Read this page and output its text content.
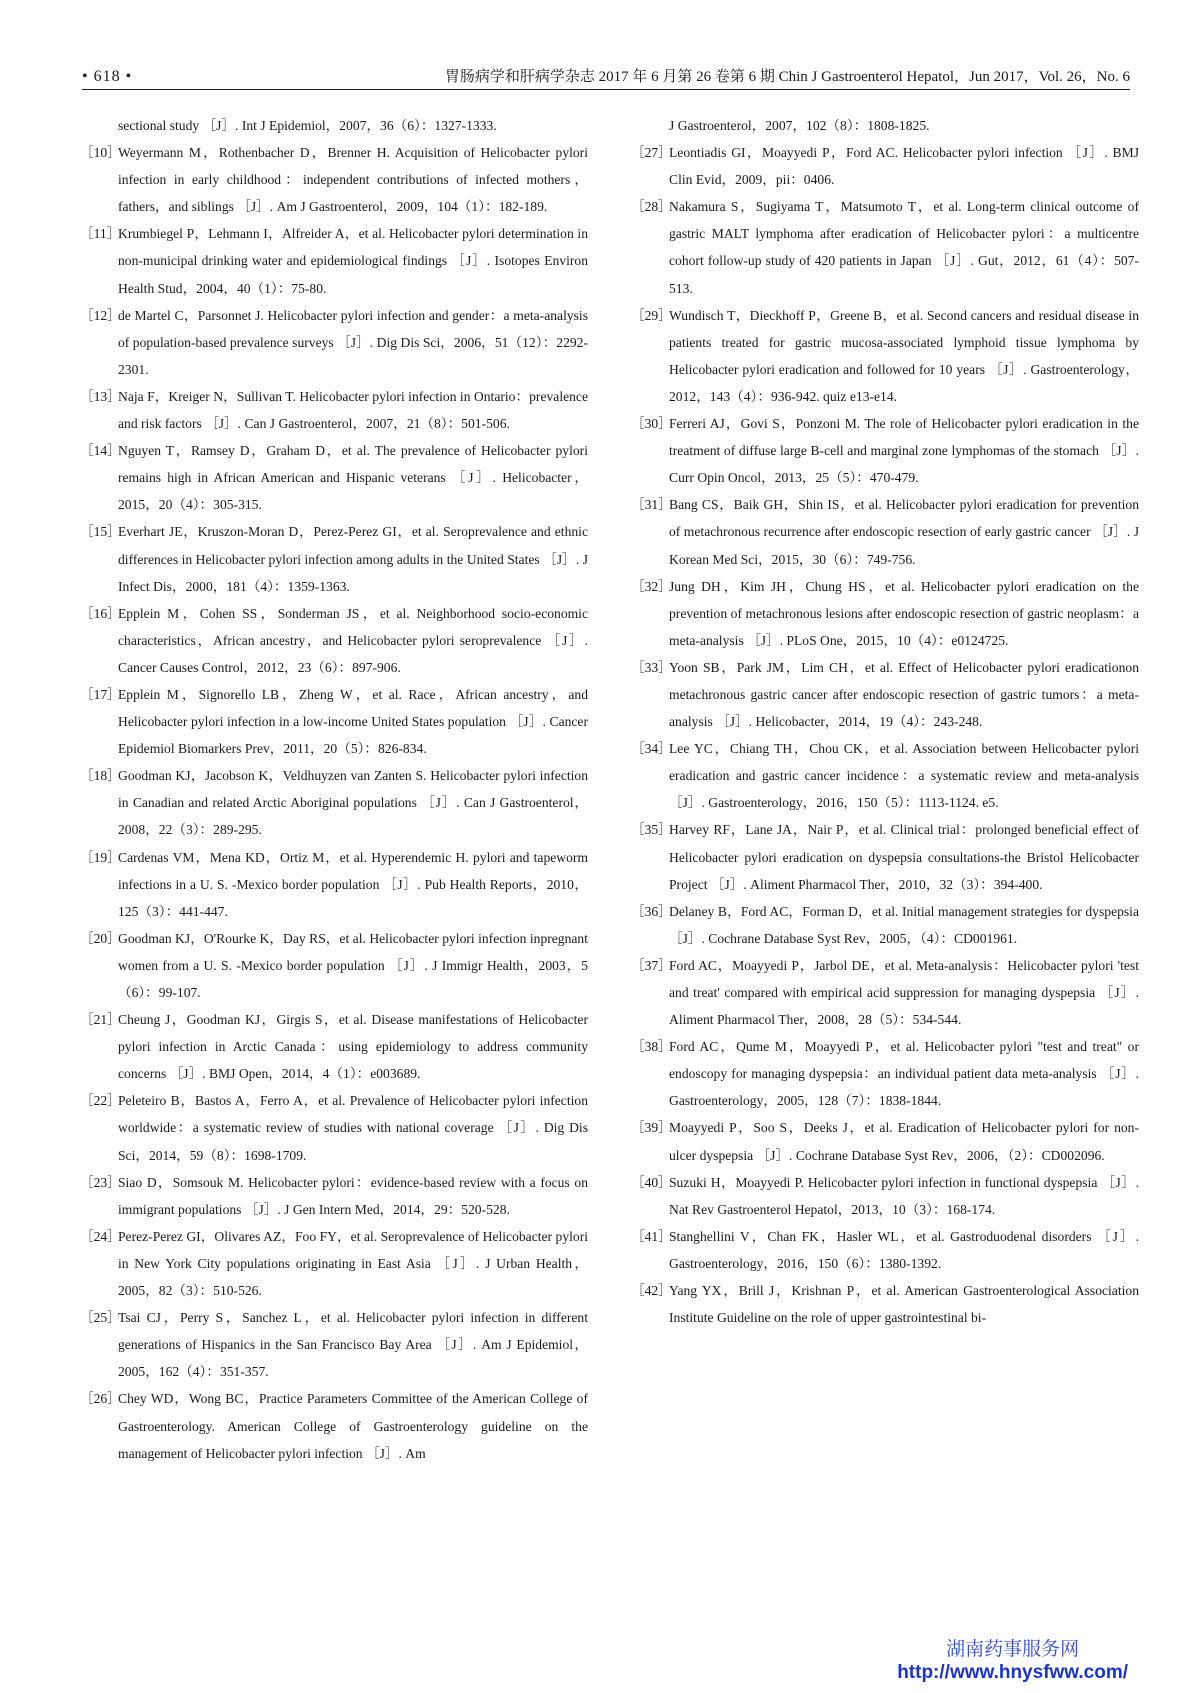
• 618 •	胃肠病学和肝病学杂志 2017 年 6 月第 26 卷第 6 期 Chin J Gastroenterol Hepatol，Jun 2017，Vol. 26，No. 6
sectional study ［J］. Int J Epidemiol，2007，36（6）：1327-1333.
［10］
Weyermann M，Rothenbacher D，Brenner H. Acquisition of Helicobacter pylori infection in early childhood：independent contributions of infected mothers，fathers，and siblings ［J］. Am J Gastroenterol，2009，104（1）：182-189.
［11］
Krumbiegel P，Lehmann I，Alfreider A，et al. Helicobacter pylori determination in non-municipal drinking water and epidemiological findings ［J］. Isotopes Environ Health Stud，2004，40（1）：75-80.
［12］
de Martel C，Parsonnet J. Helicobacter pylori infection and gender：a meta-analysis of population-based prevalence surveys ［J］. Dig Dis Sci，2006，51（12）：2292-2301.
［13］
Naja F，Kreiger N，Sullivan T. Helicobacter pylori infection in Ontario：prevalence and risk factors ［J］. Can J Gastroenterol，2007，21（8）：501-506.
［14］
Nguyen T，Ramsey D，Graham D，et al. The prevalence of Helicobacter pylori remains high in African American and Hispanic veterans ［J］. Helicobacter，2015，20（4）：305-315.
［15］
Everhart JE，Kruszon-Moran D，Perez-Perez GI，et al. Seroprevalence and ethnic differences in Helicobacter pylori infection among adults in the United States ［J］. J Infect Dis，2000，181（4）：1359-1363.
［16］
Epplein M，Cohen SS，Sonderman JS，et al. Neighborhood socio-economic characteristics，African ancestry，and Helicobacter pylori seroprevalence ［J］. Cancer Causes Control，2012，23（6）：897-906.
［17］
Epplein M，Signorello LB，Zheng W，et al. Race，African ancestry，and Helicobacter pylori infection in a low-income United States population ［J］. Cancer Epidemiol Biomarkers Prev，2011，20（5）：826-834.
［18］
Goodman KJ，Jacobson K，Veldhuyzen van Zanten S. Helicobacter pylori infection in Canadian and related Arctic Aboriginal populations ［J］. Can J Gastroenterol，2008，22（3）：289-295.
［19］
Cardenas VM，Mena KD，Ortiz M，et al. Hyperendemic H. pylori and tapeworm infections in a U. S. -Mexico border population ［J］. Pub Health Reports，2010，125（3）：441-447.
［20］
Goodman KJ，O'Rourke K，Day RS，et al. Helicobacter pylori infection inpregnant women from a U. S. -Mexico border population ［J］. J Immigr Health，2003，5（6）：99-107.
［21］
Cheung J，Goodman KJ，Girgis S，et al. Disease manifestations of Helicobacter pylori infection in Arctic Canada：using epidemiology to address community concerns ［J］. BMJ Open，2014，4（1）：e003689.
［22］
Peleteiro B，Bastos A，Ferro A，et al. Prevalence of Helicobacter pylori infection worldwide：a systematic review of studies with national coverage ［J］. Dig Dis Sci，2014，59（8）：1698-1709.
［23］
Siao D，Somsouk M. Helicobacter pylori：evidence-based review with a focus on immigrant populations ［J］. J Gen Intern Med，2014，29：520-528.
［24］
Perez-Perez GI，Olivares AZ，Foo FY，et al. Seroprevalence of Helicobacter pylori in New York City populations originating in East Asia ［J］. J Urban Health，2005，82（3）：510-526.
［25］
Tsai CJ，Perry S，Sanchez L，et al. Helicobacter pylori infection in different generations of Hispanics in the San Francisco Bay Area ［J］. Am J Epidemiol，2005，162（4）：351-357.
［26］
Chey WD，Wong BC，Practice Parameters Committee of the American College of Gastroenterology. American College of Gastroenterology guideline on the management of Helicobacter pylori infection ［J］. Am
J Gastroenterol，2007，102（8）：1808-1825.
［27］
Leontiadis GI，Moayyedi P，Ford AC. Helicobacter pylori infection ［J］. BMJ Clin Evid，2009，pii：0406.
［28］
Nakamura S，Sugiyama T，Matsumoto T，et al. Long-term clinical outcome of gastric MALT lymphoma after eradication of Helicobacter pylori：a multicentre cohort follow-up study of 420 patients in Japan ［J］. Gut，2012，61（4）：507-513.
［29］
Wundisch T，Dieckhoff P，Greene B，et al. Second cancers and residual disease in patients treated for gastric mucosa-associated lymphoid tissue lymphoma by Helicobacter pylori eradication and followed for 10 years ［J］. Gastroenterology，2012，143（4）：936-942. quiz e13-e14.
［30］
Ferreri AJ，Govi S，Ponzoni M. The role of Helicobacter pylori eradication in the treatment of diffuse large B-cell and marginal zone lymphomas of the stomach ［J］. Curr Opin Oncol，2013，25（5）：470-479.
［31］
Bang CS，Baik GH，Shin IS，et al. Helicobacter pylori eradication for prevention of metachronous recurrence after endoscopic resection of early gastric cancer ［J］. J Korean Med Sci，2015，30（6）：749-756.
［32］
Jung DH，Kim JH，Chung HS，et al. Helicobacter pylori eradication on the prevention of metachronous lesions after endoscopic resection of gastric neoplasm：a meta-analysis ［J］. PLoS One，2015，10（4）：e0124725.
［33］
Yoon SB，Park JM，Lim CH，et al. Effect of Helicobacter pylori eradicationon metachronous gastric cancer after endoscopic resection of gastric tumors：a meta-analysis ［J］. Helicobacter，2014，19（4）：243-248.
［34］
Lee YC，Chiang TH，Chou CK，et al. Association between Helicobacter pylori eradication and gastric cancer incidence：a systematic review and meta-analysis ［J］. Gastroenterology，2016，150（5）：1113-1124. e5.
［35］
Harvey RF，Lane JA，Nair P，et al. Clinical trial：prolonged beneficial effect of Helicobacter pylori eradication on dyspepsia consultations-the Bristol Helicobacter Project ［J］. Aliment Pharmacol Ther，2010，32（3）：394-400.
［36］
Delaney B，Ford AC，Forman D，et al. Initial management strategies for dyspepsia ［J］. Cochrane Database Syst Rev，2005，（4）：CD001961.
［37］
Ford AC，Moayyedi P，Jarbol DE，et al. Meta-analysis：Helicobacter pylori 'test and treat' compared with empirical acid suppression for managing dyspepsia ［J］. Aliment Pharmacol Ther，2008，28（5）：534-544.
［38］
Ford AC，Qume M，Moayyedi P，et al. Helicobacter pylori "test and treat" or endoscopy for managing dyspepsia：an individual patient data meta-analysis ［J］. Gastroenterology，2005，128（7）：1838-1844.
［39］
Moayyedi P，Soo S，Deeks J，et al. Eradication of Helicobacter pylori for non-ulcer dyspepsia ［J］. Cochrane Database Syst Rev，2006，（2）：CD002096.
［40］
Suzuki H，Moayyedi P. Helicobacter pylori infection in functional dyspepsia ［J］. Nat Rev Gastroenterol Hepatol，2013，10（3）：168-174.
［41］
Stanghellini V，Chan FK，Hasler WL，et al. Gastroduodenal disorders ［J］. Gastroenterology，2016，150（6）：1380-1392.
［42］
Yang YX，Brill J，Krishnan P，et al. American Gastroenterological Association Institute Guideline on the role of upper gastrointestinal bi-
湖南药事服务网
http://www.hnysfww.com/
